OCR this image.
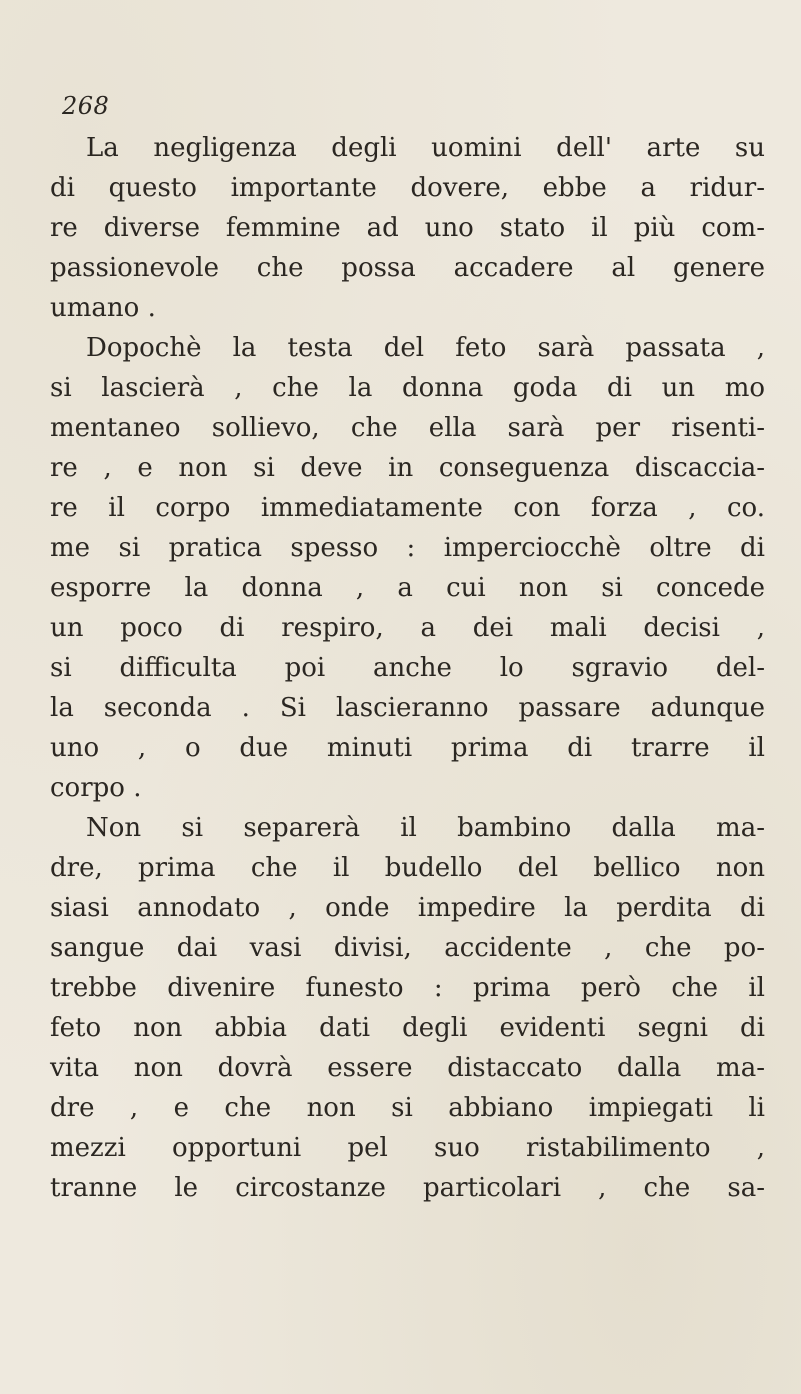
268
La negligenza degli uomini dell' arte su
di questo importante dovere, ebbe a ridur-
re diverse femmine ad uno stato il più com-
passionevole che possa accadere al genere
umano .
Dopochè la testa del feto sarà passata ,
si lascierà , che la donna goda di un mo
mentaneo sollievo, che ella sarà per risenti-
re , e non si deve in conseguenza discaccia-
re il corpo immediatamente con forza , co.
me si pratica spesso : imperciocchè oltre di
esporre la donna , a cui non si concede
un poco di respiro, a dei mali decisi ,
si difficulta poi anche lo sgravio del-
la seconda . Si lascieranno passare adunque
uno , o due minuti prima di trarre il
corpo .
Non si separerà il bambino dalla ma-
dre, prima che il budello del bellico non
siasi annodato , onde impedire la perdita di
sangue dai vasi divisi, accidente , che po-
trebbe divenire funesto : prima però che il
feto non abbia dati degli evidenti segni di
vita non dovrà essere distaccato dalla ma-
dre , e che non si abbiano impiegati li
mezzi opportuni pel suo ristabilimento ,
tranne le circostanze particolari , che sa-
